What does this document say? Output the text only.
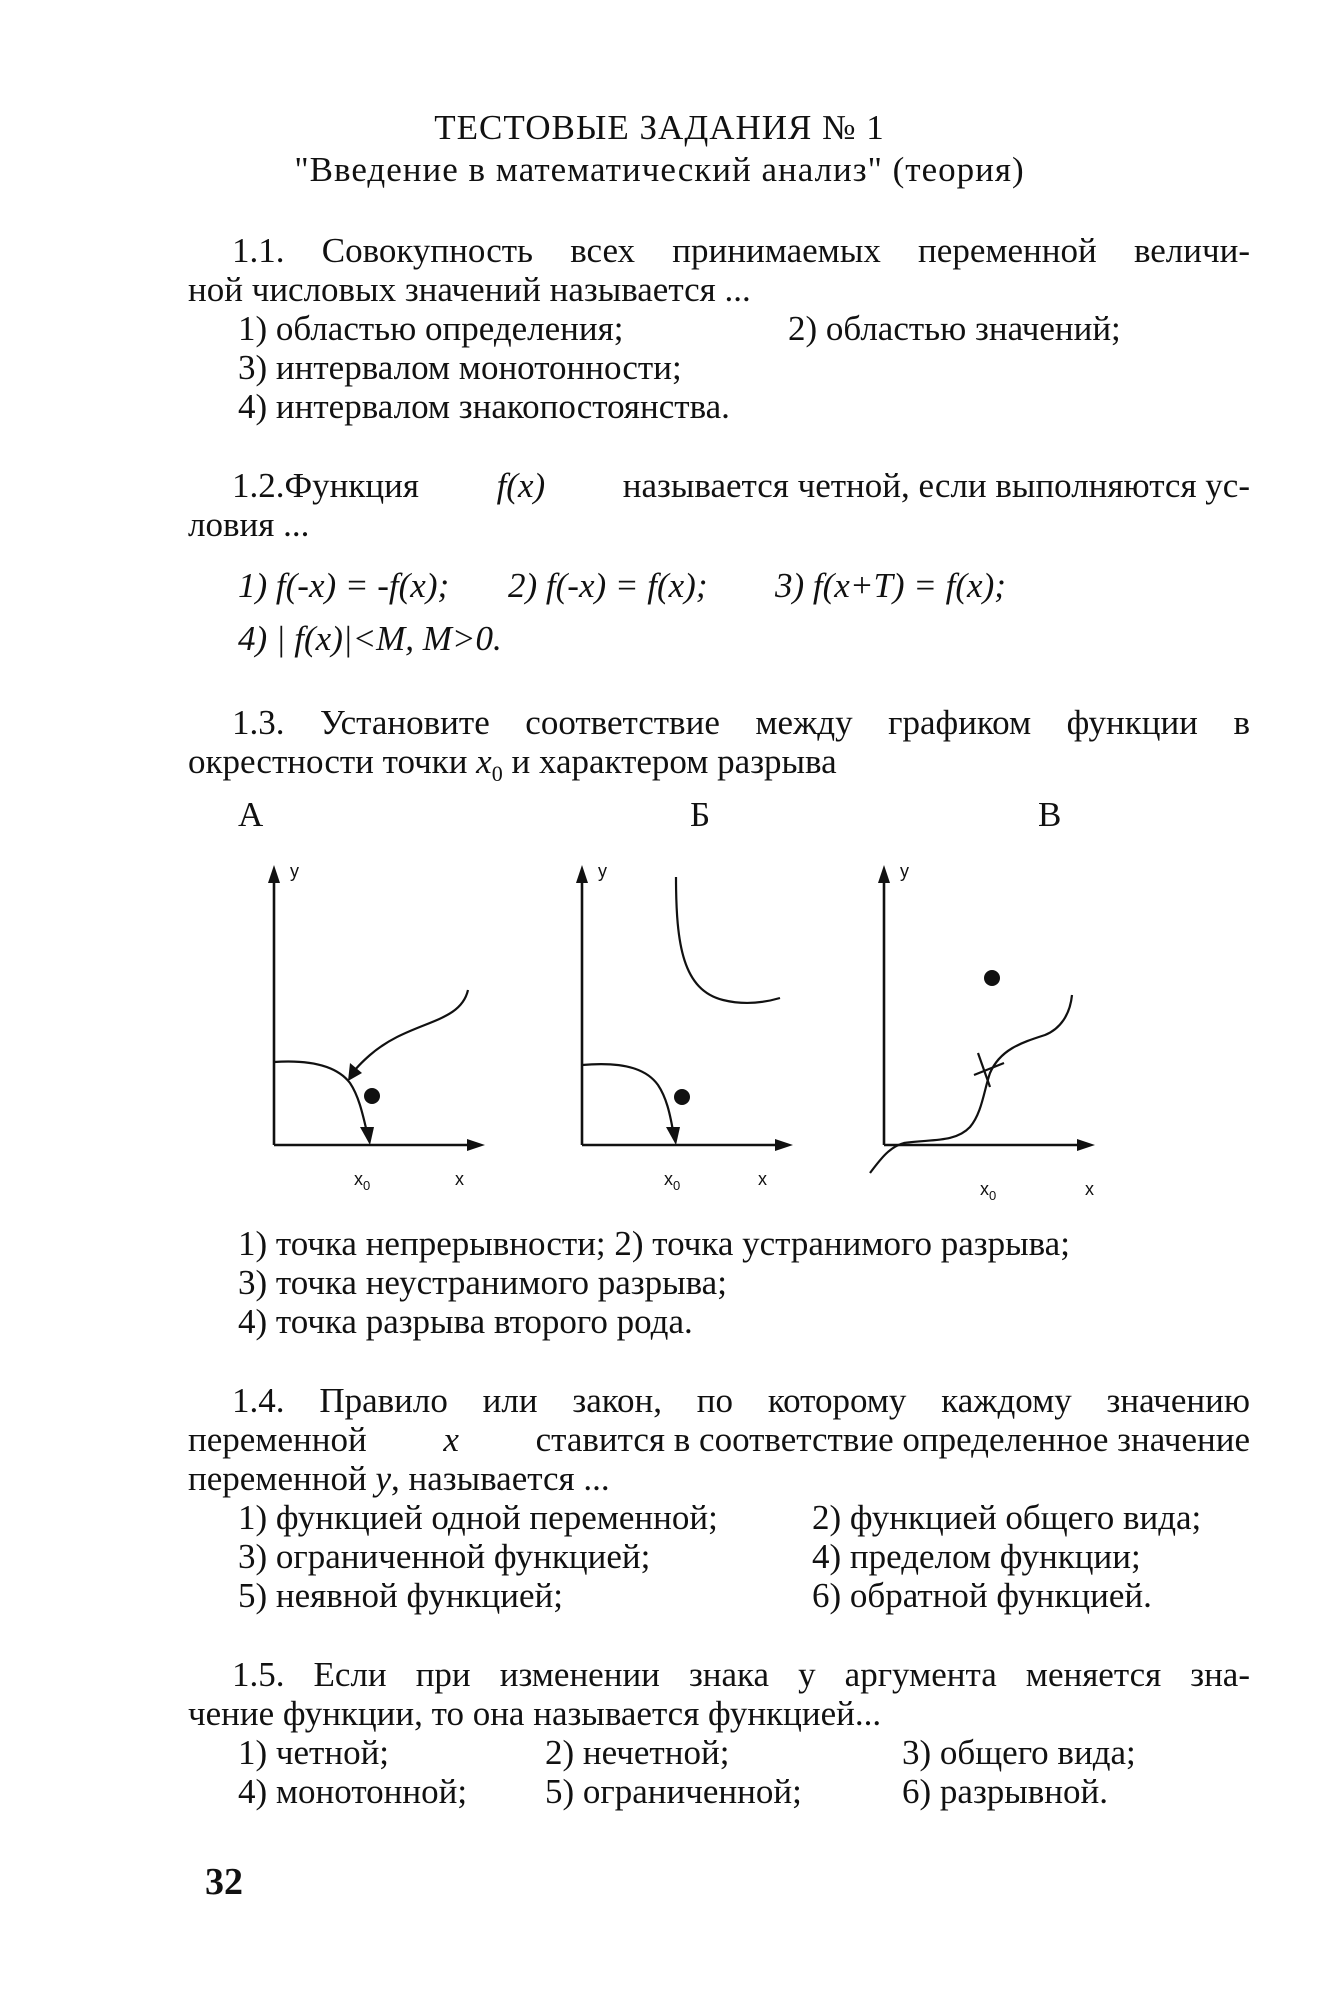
ТЕСТОВЫЕ ЗАДАНИЯ № 1
"Введение в математический анализ" (теория)
1.1. Совокупность всех принимаемых переменной величи-
ной числовых значений называется ...
1) областью определения;	2) областью значений;
3) интервалом монотонности;
4) интервалом знакопостоянства.
1.2.Функция f(x) называется четной, если выполняются ус-
ловия ...
1) f(-x) = -f(x); 2) f(-x) = f(x); 3) f(x+T) = f(x);
4) | f(x)|<M, M>0.
1.3. Установите соответствие между графиком функции в
окрестности точки $x_0$ и характером разрыва
А	Б	В
y
$x_0$	x
y
$x_0$	x
y
$x_0$	x
1) точка непрерывности; 2) точка устранимого разрыва;
3) точка неустранимого разрыва;
4) точка разрыва второго рода.
1.4. Правило или закон, по которому каждому значению
переменной x ставится в соответствие определенное значение
переменной y, называется ...
1) функцией одной переменной;	2) функцией общего вида;
3) ограниченной функцией;	4) пределом функции;
5) неявной функцией;	6) обратной функцией.
1.5. Если при изменении знака у аргумента меняется зна-
чение функции, то она называется функцией...
1) четной;	2) нечетной;	3) общего вида;
4) монотонной; 5) ограниченной;	6) разрывной.
32
